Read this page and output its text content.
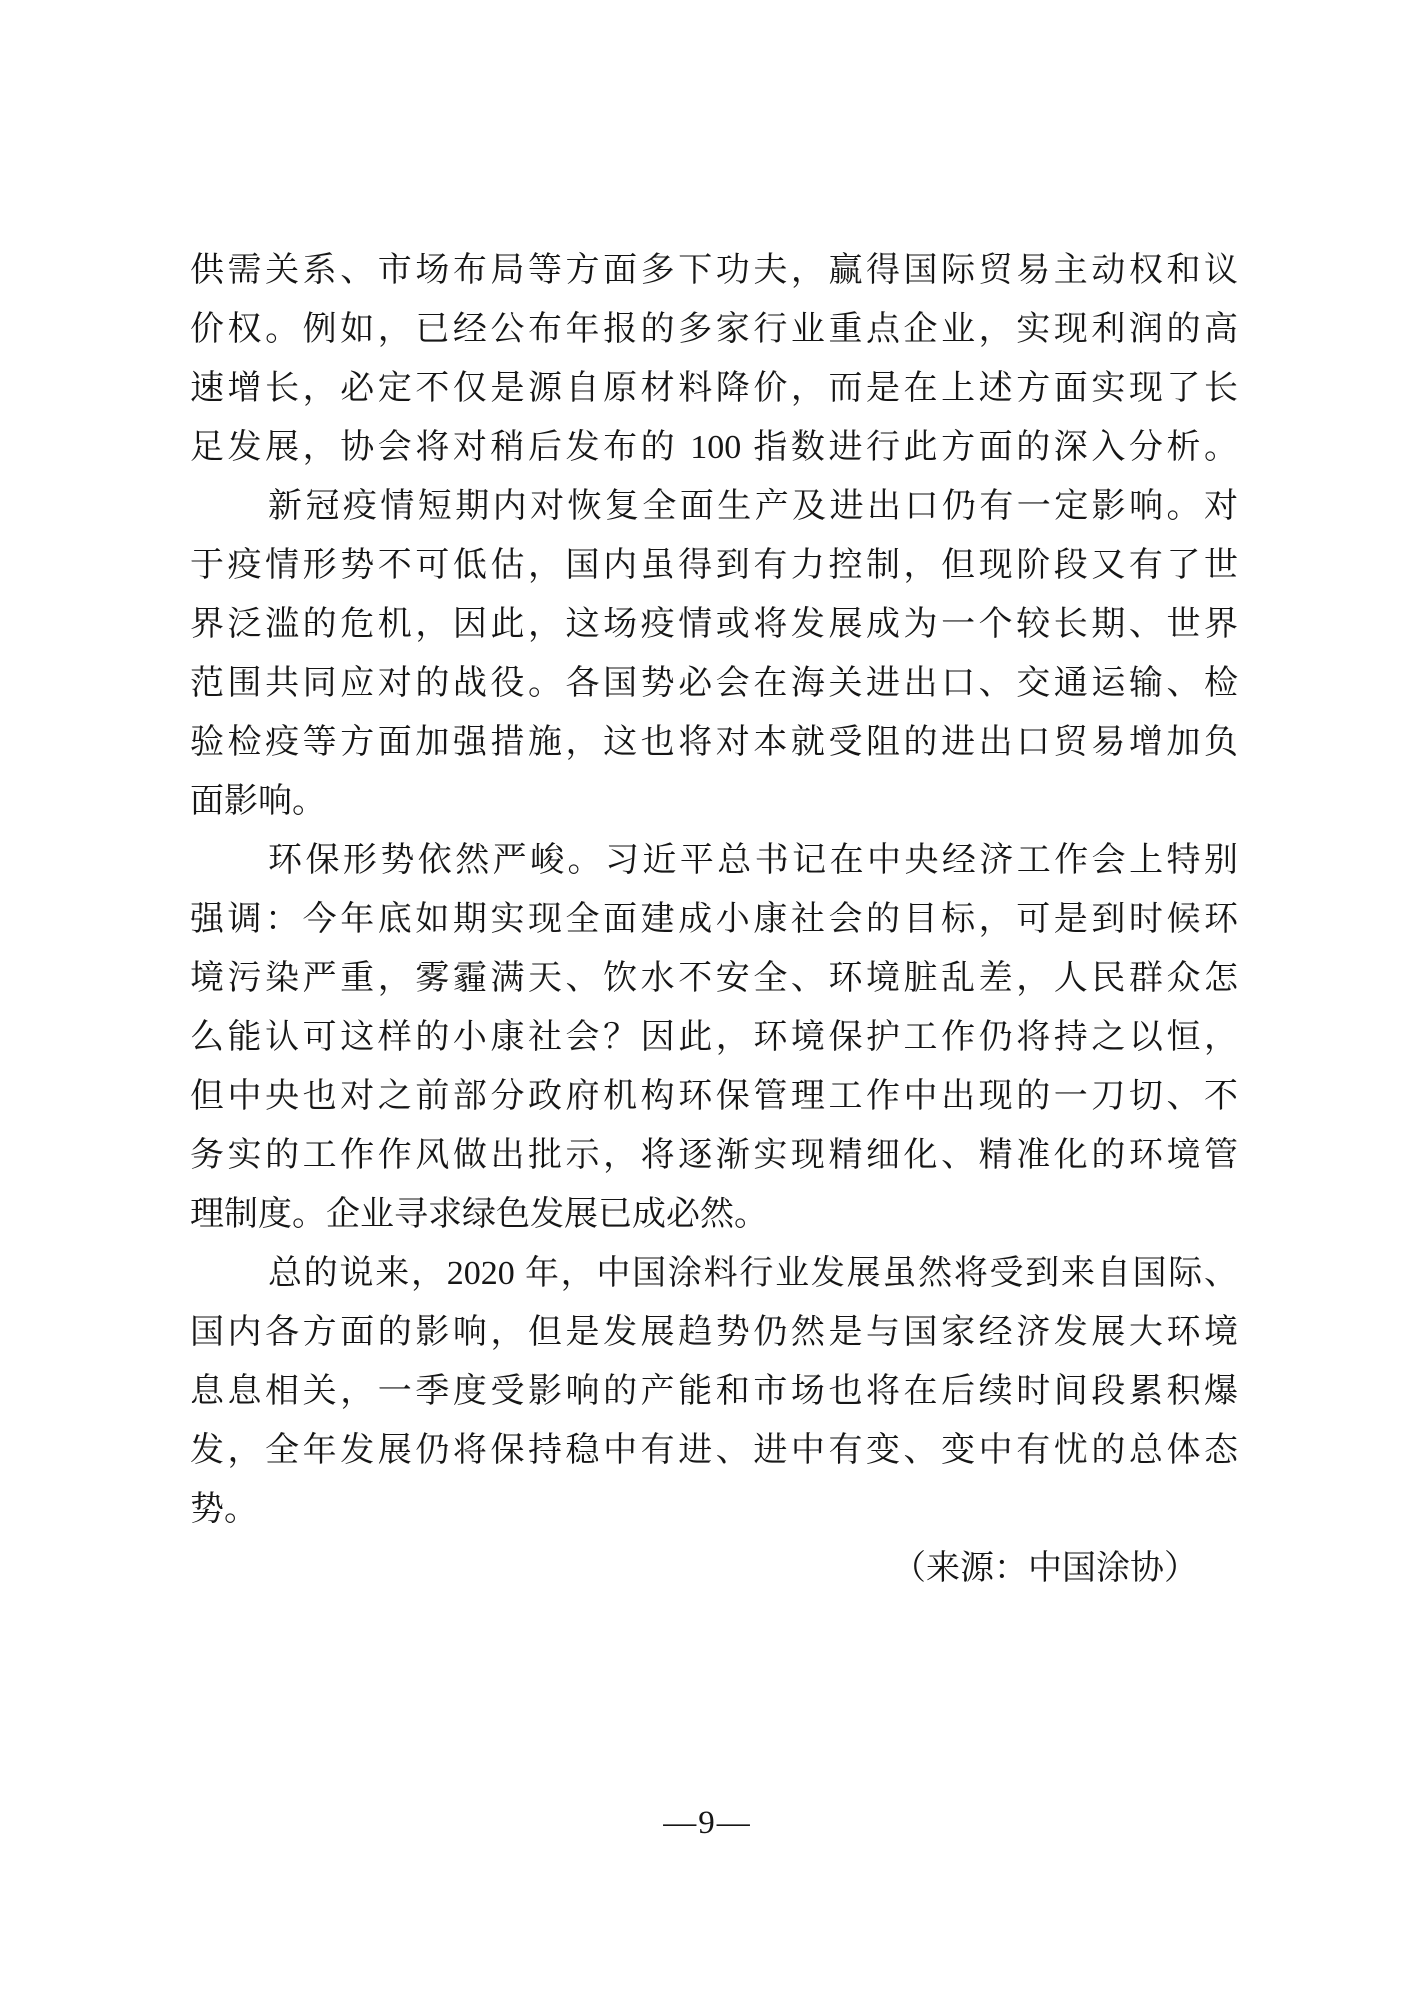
供需关系、市场布局等方面多下功夫，赢得国际贸易主动权和议
价权。例如，已经公布年报的多家行业重点企业，实现利润的高
速增长，必定不仅是源自原材料降价，而是在上述方面实现了长
足发展，协会将对稍后发布的 100 指数进行此方面的深入分析。
新冠疫情短期内对恢复全面生产及进出口仍有一定影响。对
于疫情形势不可低估，国内虽得到有力控制，但现阶段又有了世
界泛滥的危机，因此，这场疫情或将发展成为一个较长期、世界
范围共同应对的战役。各国势必会在海关进出口、交通运输、检
验检疫等方面加强措施，这也将对本就受阻的进出口贸易增加负
面影响。
环保形势依然严峻。习近平总书记在中央经济工作会上特别
强调：今年底如期实现全面建成小康社会的目标，可是到时候环
境污染严重，雾霾满天、饮水不安全、环境脏乱差，人民群众怎
么能认可这样的小康社会？因此，环境保护工作仍将持之以恒，
但中央也对之前部分政府机构环保管理工作中出现的一刀切、不
务实的工作作风做出批示，将逐渐实现精细化、精准化的环境管
理制度。企业寻求绿色发展已成必然。
总的说来，2020 年，中国涂料行业发展虽然将受到来自国际、
国内各方面的影响，但是发展趋势仍然是与国家经济发展大环境
息息相关，一季度受影响的产能和市场也将在后续时间段累积爆
发，全年发展仍将保持稳中有进、进中有变、变中有忧的总体态
势。
（来源：中国涂协）
—9—
